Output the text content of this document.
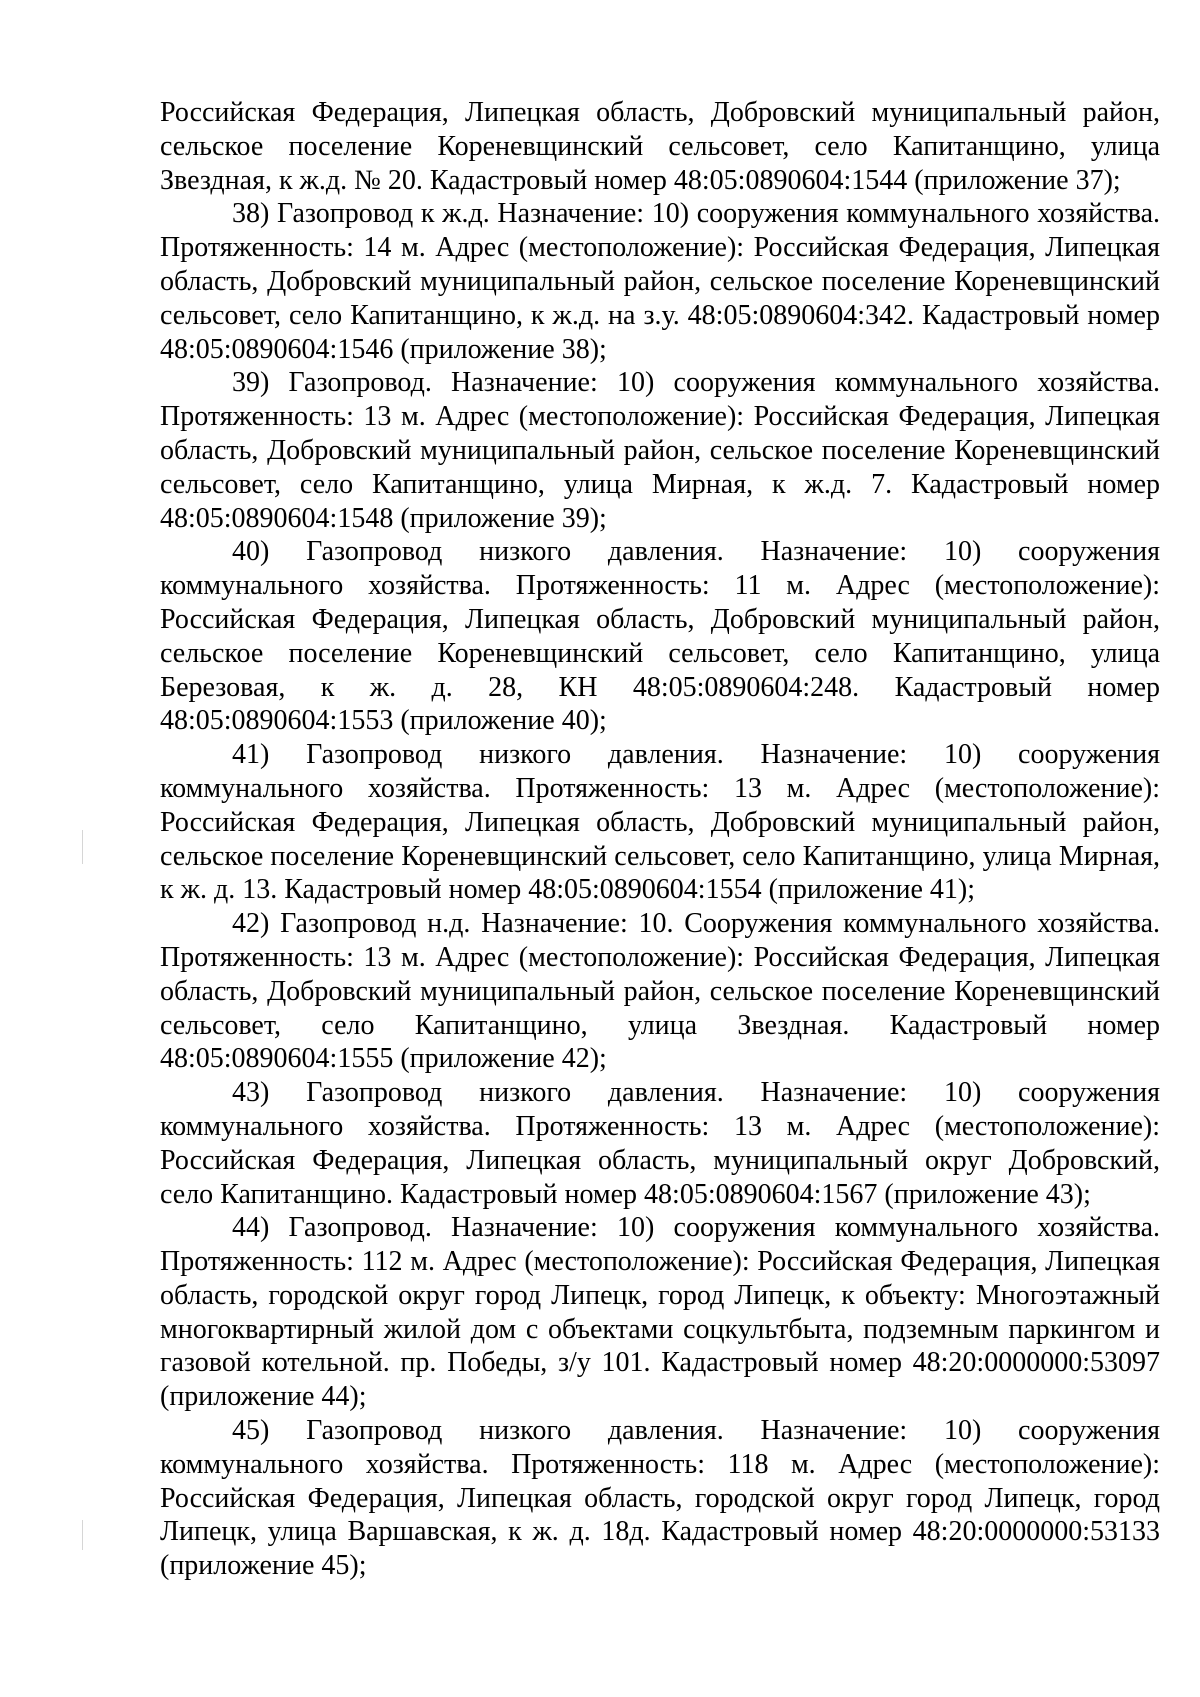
Российская Федерация, Липецкая область, Добровский муниципальный район, сельское поселение Кореневщинский сельсовет, село Капитанщино, улица Звездная, к ж.д. № 20. Кадастровый номер 48:05:0890604:1544 (приложение 37);

38) Газопровод к ж.д. Назначение: 10) сооружения коммунального хозяйства. Протяженность: 14 м. Адрес (местоположение): Российская Федерация, Липецкая область, Добровский муниципальный район, сельское поселение Кореневщинский сельсовет, село Капитанщино, к ж.д. на з.у. 48:05:0890604:342. Кадастровый номер 48:05:0890604:1546 (приложение 38);

39) Газопровод. Назначение: 10) сооружения коммунального хозяйства. Протяженность: 13 м. Адрес (местоположение): Российская Федерация, Липецкая область, Добровский муниципальный район, сельское поселение Кореневщинский сельсовет, село Капитанщино, улица Мирная, к ж.д. 7. Кадастровый номер 48:05:0890604:1548 (приложение 39);

40) Газопровод низкого давления. Назначение: 10) сооружения коммунального хозяйства. Протяженность: 11 м. Адрес (местоположение): Российская Федерация, Липецкая область, Добровский муниципальный район, сельское поселение Кореневщинский сельсовет, село Капитанщино, улица Березовая, к ж. д. 28, КН 48:05:0890604:248. Кадастровый номер 48:05:0890604:1553 (приложение 40);

41) Газопровод низкого давления. Назначение: 10) сооружения коммунального хозяйства. Протяженность: 13 м. Адрес (местоположение): Российская Федерация, Липецкая область, Добровский муниципальный район, сельское поселение Кореневщинский сельсовет, село Капитанщино, улица Мирная, к ж. д. 13. Кадастровый номер 48:05:0890604:1554 (приложение 41);

42) Газопровод н.д. Назначение: 10. Сооружения коммунального хозяйства. Протяженность: 13 м. Адрес (местоположение): Российская Федерация, Липецкая область, Добровский муниципальный район, сельское поселение Кореневщинский сельсовет, село Капитанщино, улица Звездная. Кадастровый номер 48:05:0890604:1555 (приложение 42);

43) Газопровод низкого давления. Назначение: 10) сооружения коммунального хозяйства. Протяженность: 13 м. Адрес (местоположение): Российская Федерация, Липецкая область, муниципальный округ Добровский, село Капитанщино. Кадастровый номер 48:05:0890604:1567 (приложение 43);

44) Газопровод. Назначение: 10) сооружения коммунального хозяйства. Протяженность: 112 м. Адрес (местоположение): Российская Федерация, Липецкая область, городской округ город Липецк, город Липецк, к объекту: Многоэтажный многоквартирный жилой дом с объектами соцкультбыта, подземным паркингом и газовой котельной. пр. Победы, з/у 101. Кадастровый номер 48:20:0000000:53097 (приложение 44);

45) Газопровод низкого давления. Назначение: 10) сооружения коммунального хозяйства. Протяженность: 118 м. Адрес (местоположение): Российская Федерация, Липецкая область, городской округ город Липецк, город Липецк, улица Варшавская, к ж. д. 18д. Кадастровый номер 48:20:0000000:53133 (приложение 45);
